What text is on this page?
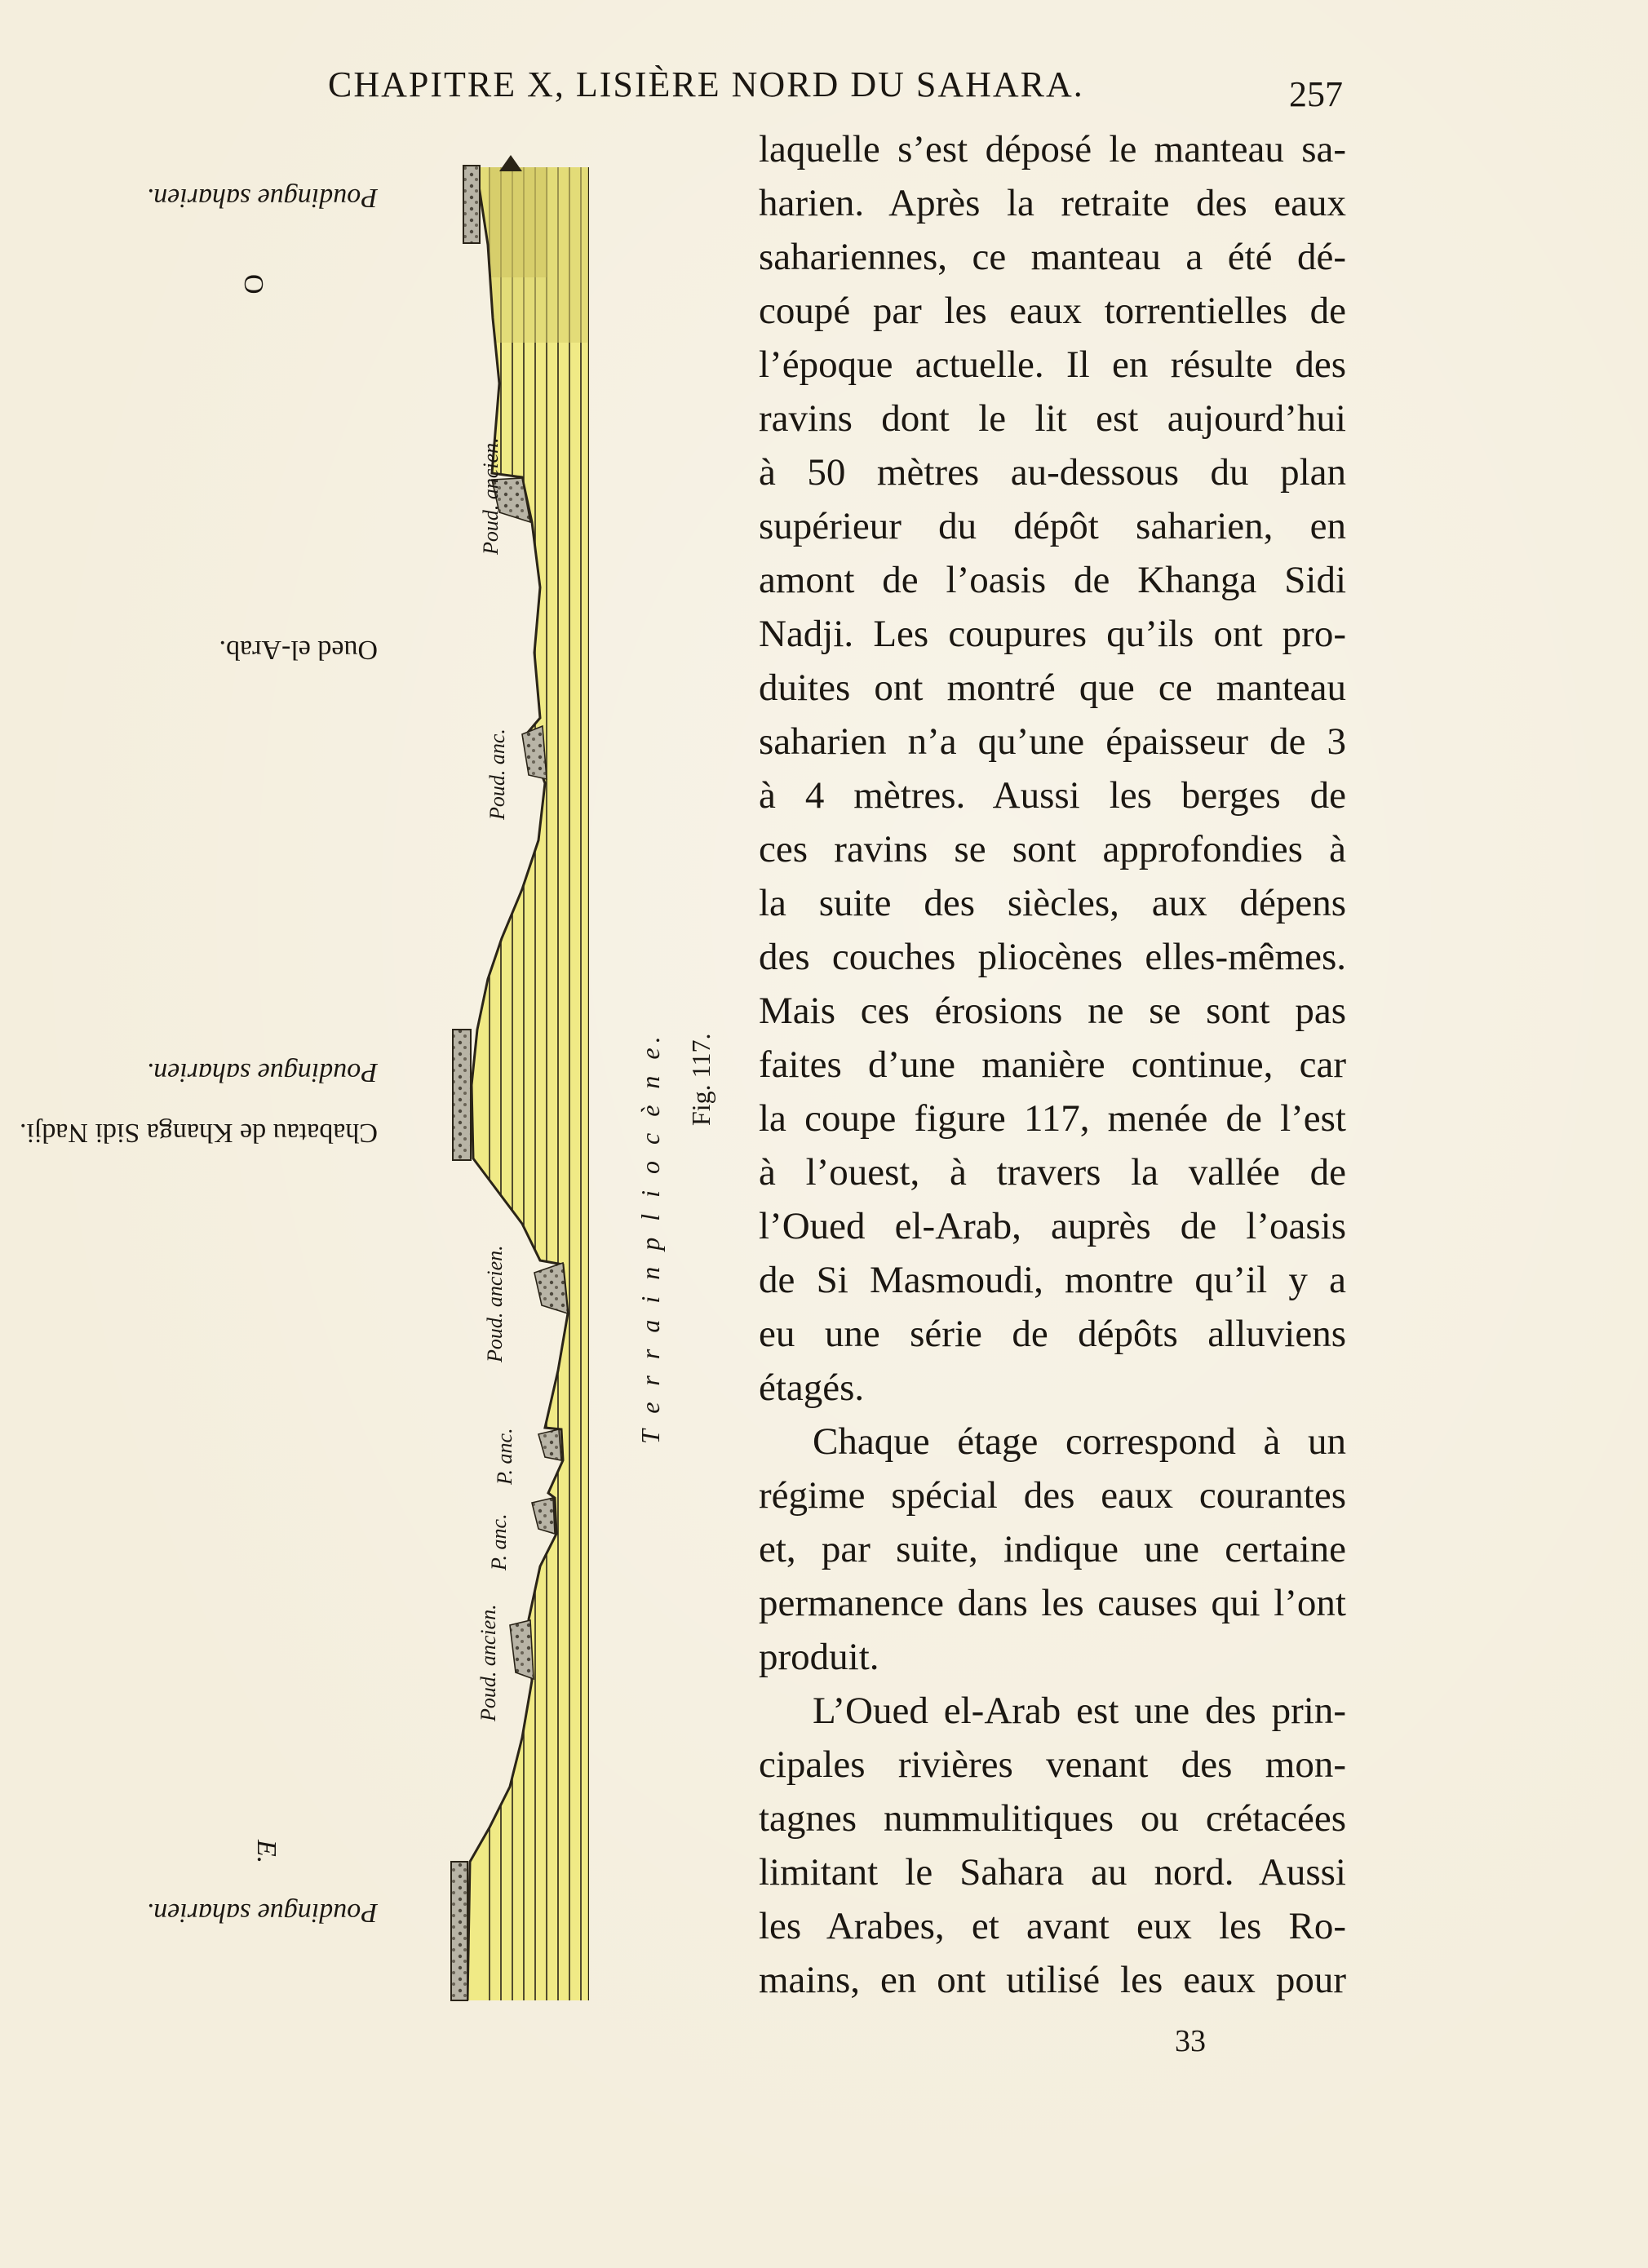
CHAPITRE X, LISIÈRE NORD DU SAHARA.	257
E.
O
Poudingue saharien.
Oued el-Arab.
Poudingue saharien.
Chabatau de Khanga Sidi Nadji.
Poudingue saharien.
Poud. ancien.
Poud. anc.
Poud. ancien.
P. anc.
P. anc.
Poud. ancien.
T e r r a i n p l i o c è n e. Fig. 117.
laquelle s’est déposé le manteau sa-
harien. Après la retraite des eaux
sahariennes, ce manteau a été dé-
coupé par les eaux torrentielles de
l’époque actuelle. Il en résulte des
ravins dont le lit est aujourd’hui
à 50 mètres au-dessous du plan
supérieur du dépôt saharien, en
amont de l’oasis de Khanga Sidi
Nadji. Les coupures qu’ils ont pro-
duites ont montré que ce manteau
saharien n’a qu’une épaisseur de 3
à 4 mètres. Aussi les berges de
ces ravins se sont approfondies à
la suite des siècles, aux dépens
des couches pliocènes elles-mêmes.
Mais ces érosions ne se sont pas
faites d’une manière continue, car
la coupe figure 117, menée de l’est
à l’ouest, à travers la vallée de
l’Oued el-Arab, auprès de l’oasis
de Si Masmoudi, montre qu’il y a
eu une série de dépôts alluviens
étagés.
Chaque étage correspond à un
régime spécial des eaux courantes
et, par suite, indique une certaine
permanence dans les causes qui l’ont
produit.
L’Oued el-Arab est une des prin-
cipales rivières venant des mon-
tagnes nummulitiques ou crétacées
limitant le Sahara au nord. Aussi
les Arabes, et avant eux les Ro-
mains, en ont utilisé les eaux pour
33
